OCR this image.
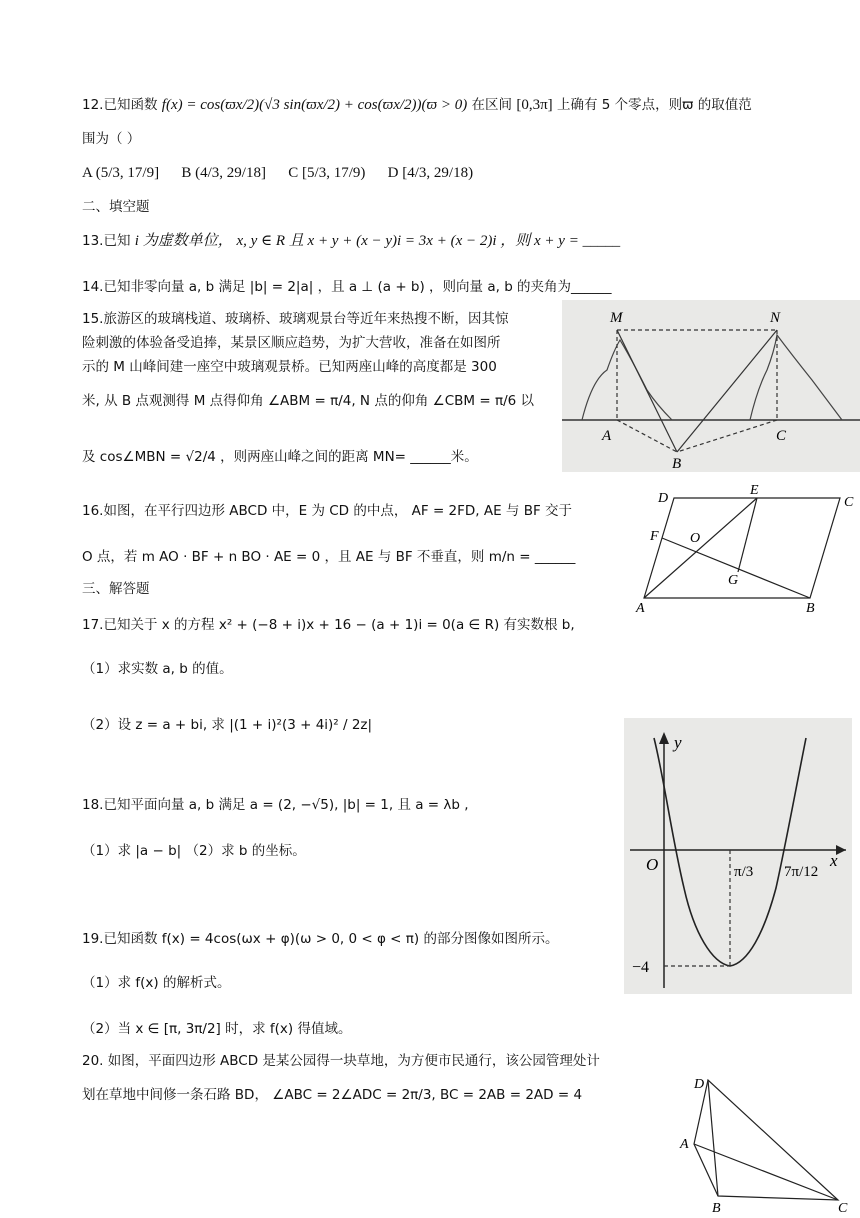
12.已知函数 f(x) = cos(ϖx/2)(√3 sin(ϖx/2) + cos(ϖx/2))(ϖ > 0) 在区间 [0,3π] 上确有 5 个零点，则ϖ 的取值范
围为（ ）
A (5/3, 17/9] B (4/3, 29/18] C [5/3, 17/9) D [4/3, 29/18)
二、填空题
13.已知 i 为虚数单位， x, y ∈ R 且 x + y + (x − y)i = 3x + (x − 2)i ，则 x + y = _____
14.已知非零向量 a, b 满足 |b| = 2|a| ，且 a ⊥ (a + b) ，则向量 a, b 的夹角为______
15.旅游区的玻璃栈道、玻璃桥、玻璃观景台等近年来热搜不断，因其惊
险刺激的体验备受追捧，某景区顺应趋势，为扩大营收，准备在如图所
示的 M 山峰间建一座空中玻璃观景桥。已知两座山峰的高度都是 300
米, 从 B 点观测得 M 点得仰角 ∠ABM = π/4, N 点的仰角 ∠CBM = π/6 以
及 cos∠MBN = √2/4 ，则两座山峰之间的距离 MN= ______米。
M	N
A	C
B
16.如图，在平行四边形 ABCD 中，E 为 CD 的中点， AF = 2FD, AE 与 BF 交于
O 点，若 m AO · BF + n BO · AE = 0 ，且 AE 与 BF 不垂直，则 m/n = ______
D
E
C
F O
G
A	B
三、解答题
17.已知关于 x 的方程 x² + (−8 + i)x + 16 − (a + 1)i = 0(a ∈ R) 有实数根 b,
（1）求实数 a, b 的值。
（2）设 z = a + bi, 求 |(1 + i)²(3 + 4i)² / 2z|
18.已知平面向量 a, b 满足 a = (2, −√5), |b| = 1, 且 a = λb ,
（1）求 |a − b| （2）求 b 的坐标。
y
x
O	π/3 7π/12
−4
19.已知函数 f(x) = 4cos(ωx + φ)(ω > 0, 0 < φ < π) 的部分图像如图所示。
（1）求 f(x) 的解析式。
（2）当 x ∈ [π, 3π/2] 时，求 f(x) 得值域。
20. 如图，平面四边形 ABCD 是某公园得一块草地，为方便市民通行，该公园管理处计
划在草地中间修一条石路 BD， ∠ABC = 2∠ADC = 2π/3, BC = 2AB = 2AD = 4
D
A
B	C
